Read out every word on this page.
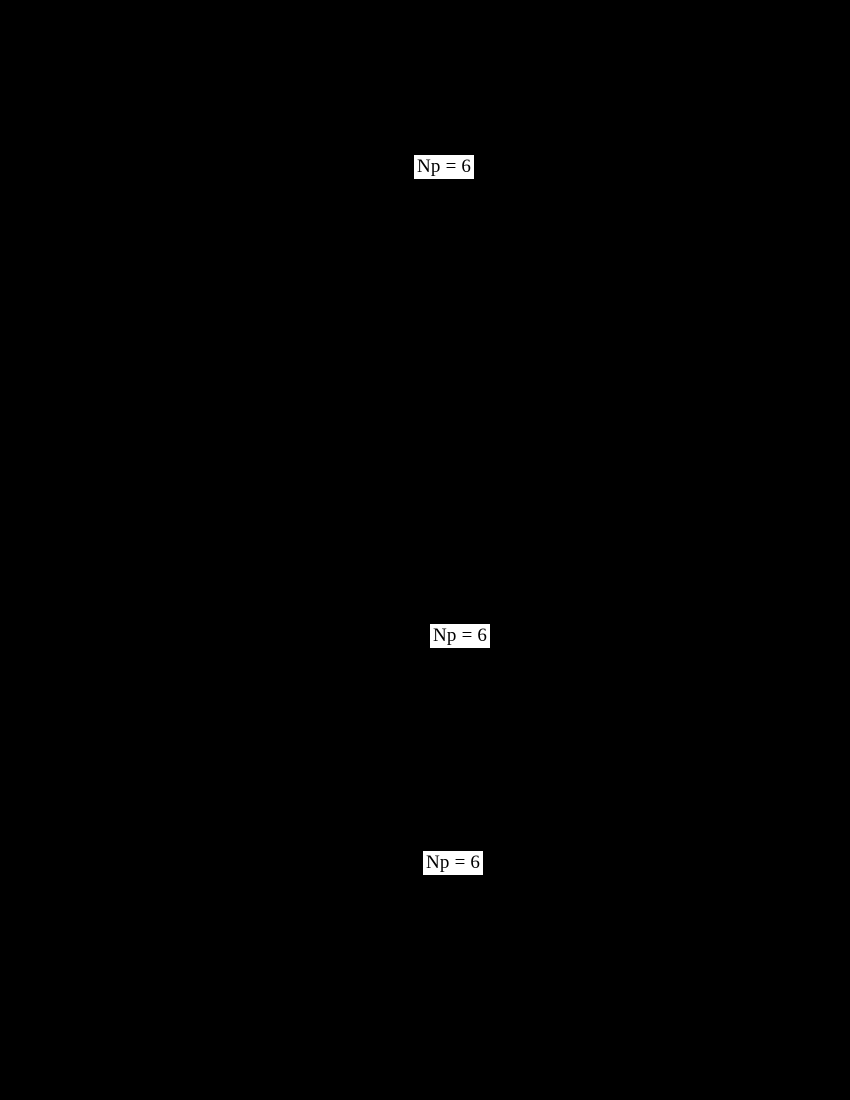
Np = 6
Np = 6
Np = 6
